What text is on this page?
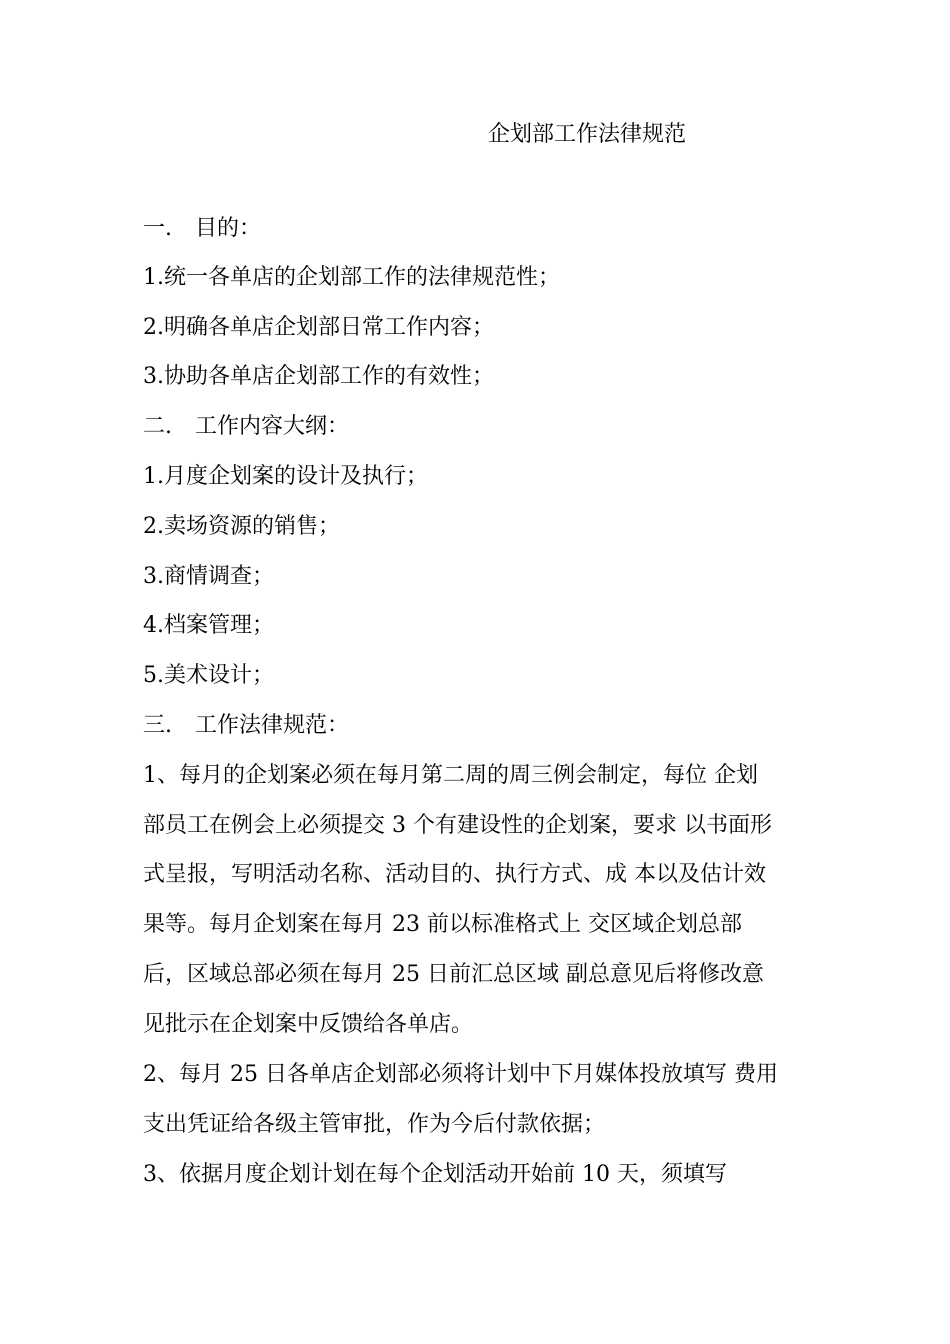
企划部工作法律规范
一. 目的：
1.统一各单店的企划部工作的法律规范性；
2.明确各单店企划部日常工作内容；
3.协助各单店企划部工作的有效性；
二. 工作内容大纲：
1.月度企划案的设计及执行；
2.卖场资源的销售；
3.商情调查；
4.档案管理；
5.美术设计；
三. 工作法律规范：
1、每月的企划案必须在每月第二周的周三例会制定，每位 企划
部员工在例会上必须提交 3 个有建设性的企划案，要求 以书面形
式呈报，写明活动名称、活动目的、执行方式、成 本以及估计效
果等。每月企划案在每月 23 前以标准格式上 交区域企划总部
后，区域总部必须在每月 25 日前汇总区域 副总意见后将修改意
见批示在企划案中反馈给各单店。
2、每月 25 日各单店企划部必须将计划中下月媒体投放填写 费用
支出凭证给各级主管审批，作为今后付款依据；
3、依据月度企划计划在每个企划活动开始前 10 天，须填写
